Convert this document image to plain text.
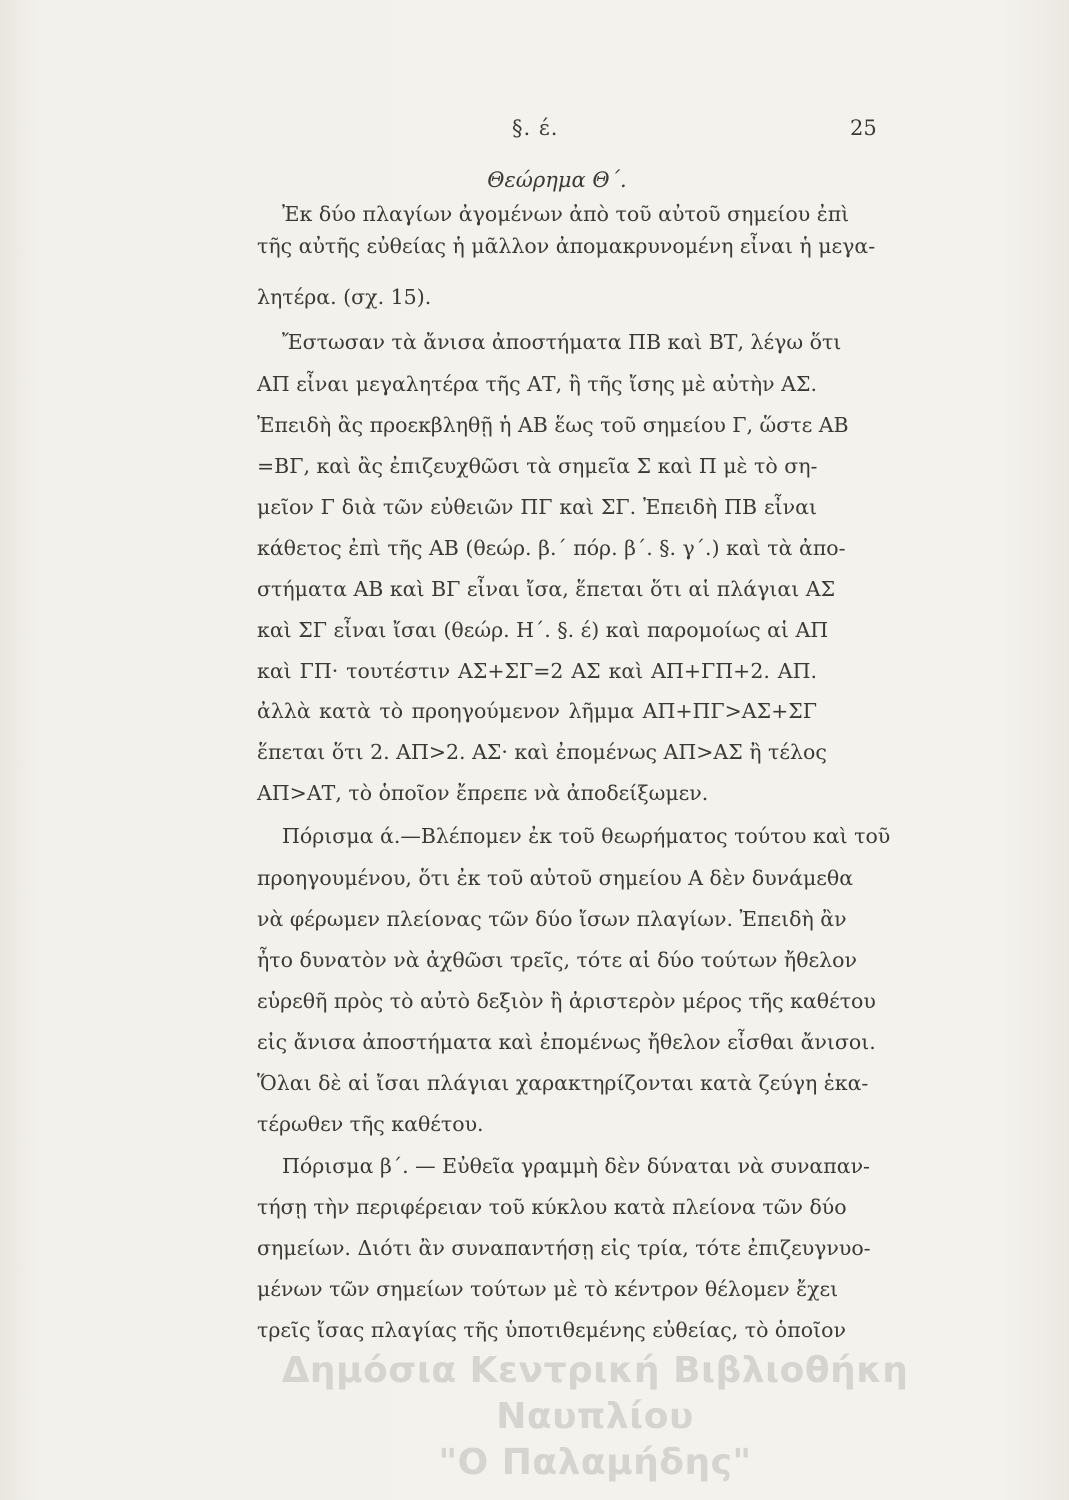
§. έ.	25
Θεώρημα Θ΄.
Ἐκ δύο πλαγίων ἀγομένων ἀπὸ τοῦ αὐτοῦ σημείου ἐπὶ
τῆς αὐτῆς εὐθείας ἡ μᾶλλον ἀπομακρυνομένη εἶναι ἡ μεγα-
λητέρα. (σχ. 15).
Ἔστωσαν τὰ ἄνισα ἀποστήματα ΠΒ καὶ ΒΤ, λέγω ὅτι
ΑΠ εἶναι μεγαλητέρα τῆς ΑΤ, ἢ τῆς ἴσης μὲ αὐτὴν ΑΣ.
Ἐπειδὴ ἂς προεκβληθῇ ἡ ΑΒ ἕως τοῦ σημείου Γ, ὥστε ΑΒ
=ΒΓ, καὶ ἂς ἐπιζευχθῶσι τὰ σημεῖα Σ καὶ Π μὲ τὸ ση-
μεῖον Γ διὰ τῶν εὐθειῶν ΠΓ καὶ ΣΓ. Ἐπειδὴ ΠΒ εἶναι
κάθετος ἐπὶ τῆς ΑΒ (θεώρ. β.΄ πόρ. β΄. §. γ΄.) καὶ τὰ ἀπο-
στήματα ΑΒ καὶ ΒΓ εἶναι ἴσα, ἕπεται ὅτι αἱ πλάγιαι ΑΣ
καὶ ΣΓ εἶναι ἴσαι (θεώρ. Η΄. §. έ) καὶ παρομοίως αἱ ΑΠ
καὶ ΓΠ· τουτέστιν ΑΣ+ΣΓ=2 ΑΣ καὶ ΑΠ+ΓΠ+2. ΑΠ.
ἀλλὰ κατὰ τὸ προηγούμενον λῆμμα ΑΠ+ΠΓ>ΑΣ+ΣΓ
ἕπεται ὅτι 2. ΑΠ>2. ΑΣ· καὶ ἐπομένως ΑΠ>ΑΣ ἢ τέλος
ΑΠ>ΑΤ, τὸ ὁποῖον ἔπρεπε νὰ ἀποδείξωμεν.
Πόρισμα ά.—Βλέπομεν ἐκ τοῦ θεωρήματος τούτου καὶ τοῦ
προηγουμένου, ὅτι ἐκ τοῦ αὐτοῦ σημείου Α δὲν δυνάμεθα
νὰ φέρωμεν πλείονας τῶν δύο ἴσων πλαγίων. Ἐπειδὴ ἂν
ἦτο δυνατὸν νὰ ἀχθῶσι τρεῖς, τότε αἱ δύο τούτων ἤθελον
εὑρεθῆ πρὸς τὸ αὐτὸ δεξιὸν ἢ ἀριστερὸν μέρος τῆς καθέτου
εἰς ἄνισα ἀποστήματα καὶ ἐπομένως ἤθελον εἶσθαι ἄνισοι.
Ὅλαι δὲ αἱ ἴσαι πλάγιαι χαρακτηρίζονται κατὰ ζεύγη ἑκα-
τέρωθεν τῆς καθέτου.
Πόρισμα β΄. — Εὐθεῖα γραμμὴ δὲν δύναται νὰ συναπαν-
τήσῃ τὴν περιφέρειαν τοῦ κύκλου κατὰ πλείονα τῶν δύο
σημείων. Διότι ἂν συναπαντήσῃ εἰς τρία, τότε ἐπιζευγνυο-
μένων τῶν σημείων τούτων μὲ τὸ κέντρον θέλομεν ἔχει
τρεῖς ἴσας πλαγίας τῆς ὑποτιθεμένης εὐθείας, τὸ ὁποῖον
Δημόσια Κεντρική Βιβλιοθήκη Ναυπλίου
"Ο Παλαμήδης"
